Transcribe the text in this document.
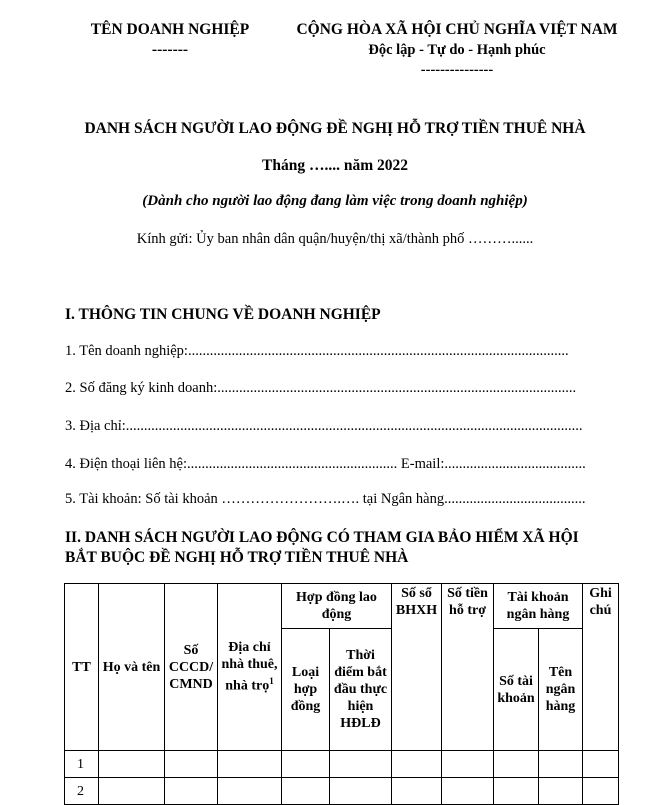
TÊN DOANH NGHIỆP
-------
CỘNG HÒA XÃ HỘI CHỦ NGHĨA VIỆT NAM
Độc lập - Tự do - Hạnh phúc
---------------
DANH SÁCH NGƯỜI LAO ĐỘNG ĐỀ NGHỊ HỖ TRỢ TIỀN THUÊ NHÀ
Tháng ….... năm 2022
(Dành cho người lao động đang làm việc trong doanh nghiệp)
Kính gửi: Ủy ban nhân dân quận/huyện/thị xã/thành phố ………......
I. THÔNG TIN CHUNG VỀ DOANH NGHIỆP
1. Tên doanh nghiệp:.........................................................................................................
2. Số đăng ký kinh doanh:...................................................................................................
3. Địa chỉ:..............................................................................................................................
4. Điện thoại liên hệ:.......................................................... E-mail:.......................................
5. Tài khoản: Số tài khoản …………………….…. tại Ngân hàng.......................................
II. DANH SÁCH NGƯỜI LAO ĐỘNG CÓ THAM GIA BẢO HIỂM XÃ HỘI
BẮT BUỘC ĐỀ NGHỊ HỖ TRỢ TIỀN THUÊ NHÀ
TT	Họ và tên	Số CCCD/ CMND	Địa chỉ nhà thuê, nhà trọ$^1$	Hợp đồng lao động		Số sổ BHXH	Số tiền hỗ trợ	Tài khoản ngân hàng		Ghi chú
				Loại hợp đồng	Thời điểm bắt đầu thực hiện HĐLĐ			Số tài khoản	Tên ngân hàng	
1										
2										
